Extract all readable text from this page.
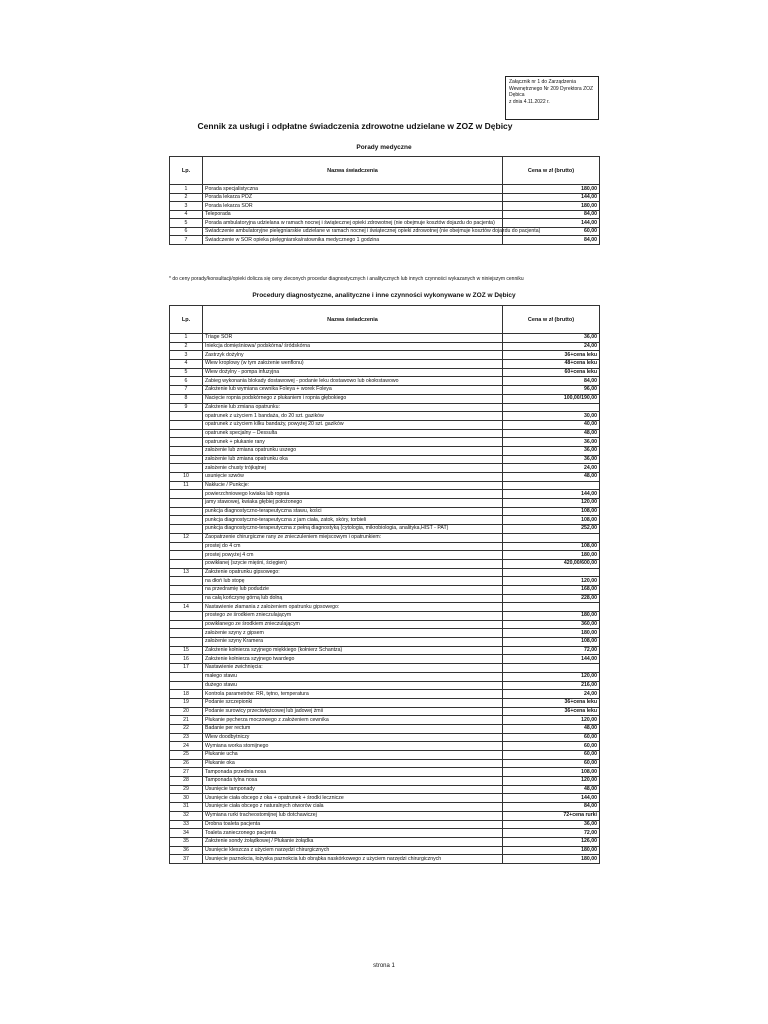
Załącznik nr 1 do Zarządzenia
Wewnętrznego Nr 209 Dyrektora ZOZ Dębica
z dnia 4.11.2022 r.
Cennik za usługi i odpłatne świadczenia zdrowotne udzielane w ZOZ w Dębicy
Porady medyczne
Lp.	Nazwa świadczenia	Cena w zł (brutto)
1	Porada specjalistyczna	180,00
2	Porada lekarza POZ	144,00
3	Porada lekarza SOR	180,00
4	Teleporada	84,00
5	Porada ambulatoryjna udzielana w ramach nocnej i świątecznej opieki zdrowotnej (nie obejmuje kosztów dojazdu do pacjenta)	144,00
6	Świadczenie ambulatoryjne pielęgniarskie udzielane w ramach nocnej i świątecznej opieki zdrowotnej (nie obejmuje kosztów dojazdu do pacjenta)	60,00
7	Świadczenie w SOR opieka pielęgniarska/ratownika medycznego 1 godzina	84,00
* do ceny porady/konsultacji/opieki dolicza się ceny zleconych procedur diagnostycznych i analitycznych lub innych czynności wykazanych w niniejszym cenniku
Procedury diagnostyczne, analityczne i inne czynności wykonywane w ZOZ w Dębicy
Lp.	Nazwa świadczenia	Cena w zł (brutto)
1	Triage SOR	36,00
2	Iniekcja domięśniowa/ podskórna/ śródskórna	24,00
3	Zastrzyk dożylny	36+cena leku
4	Wlew kroplowy (w tym założenie wenflonu)	48+cena leku
5	Wlew dożylny - pompa infuzyjna	60+cena leku
6	Zabieg wykonania blokady dostawowej - podanie leku dostawowo lub okołostawowo	84,00
7	Założenie lub wymiana cewnika Foleya + worek Foleya	96,00
8	Nacięcie ropnia podskórnego z płukaniem i ropnia głębokiego	100,00/190,00
9	Założenie lub zmiana opatrunku:	
	opatrunek z użyciem 1 bandaża, do 20 szt. gazików	30,00
	opatrunek z użyciem kilku bandaży, powyżej 20 szt. gazików	40,00
	opatrunek specjalny – Dessulta	48,00
	opatrunek + płukanie rany	36,00
	założenie lub zmiana opatrunku uszego	36,00
	założenie lub zmiana opatrunku oka	36,00
	założenie chusty trójkątnej	24,00
10	usunięcie szwów	48,00
11	Nakłucie / Punkcje:	
	powierzchniowego kwiaka lub ropnia	144,00
	jamy stawowej, kwiaka głębiej położonego	120,00
	punkcja diagnostyczno-terapeutyczna stawu, kości	108,00
	punkcja diagnostyczno-terapeutyczna z jam ciała, zatok, skóry, torbieli	108,00
	punkcja diagnostyczno-terapeutyczna z pełną diagnostyką (cytologia, mikrobiologia, analityka,HIST - PAT)	252,00
12	Zaopatrzenie chirurgiczne rany ze znieczuleniem miejscowym i opatrunkiem:	
	prostej do 4 cm	108,00
	prostej powyżej 4 cm	180,00
	powikłanej (szycie mięśni, ścięgien)	420,00/600,00
13	Założenie opatrunku gipsowego:	
	na dłoń lub stopę	120,00
	na przedramię lub podudzie	168,00
	na całą kończynę górną lub dolną	228,00
14	Nastawienie złamania z założeniem opatrunku gipsowego:	
	prostego ze środkiem znieczulającym	180,00
	powikłanego ze środkiem znieczulającym	360,00
	założenie szyny z gipsem	180,00
	założenie szyny Kramera	108,00
15	Założenie kołnierza szyjnego miękkiego (kołnierz Schantza)	72,00
16	Założenie kołnierza szyjnego twardego	144,00
17	Nastawienie zwichnięcia:	
	małego stawu	120,00
	dużego stawu	216,00
18	Kontrola parametrów: RR, tętno, temperatura	24,00
19	Podanie szczepionki	36+cena leku
20	Podanie surowicy przeciwtężcowej lub jadowej żmii	36+cena leku
21	Płukanie pęcherza moczowego z założeniem cewnika	120,00
22	Badanie per rectum	48,00
23	Wlew doodbytniczy	60,00
24	Wymiana worka stomijnego	60,00
25	Płukanie ucha	60,00
26	Płukanie oka	60,00
27	Tamponada przednia nosa	108,00
28	Tamponada tylna nosa	120,00
29	Usunięcie tamponady	48,00
30	Usunięcie ciała obcego z oka + opatrunek + środki lecznicze	144,00
31	Usunięcie ciała obcego z naturalnych otworów ciała	84,00
32	Wymiana rurki tracheostomijnej lub dotchawiczej	72+cena rurki
33	Drobna toaleta pacjenta	36,00
34	Toaleta zanieczonego pacjenta	72,00
35	Założenie sondy żołądkowej / Płukanie żołądka	126,00
36	Usunięcie kleszcza z użyciem narzędzi chirurgicznych	180,00
37	Usunięcie paznokcia, łożyska paznokcia lub obrąbka naskórkowego z użyciem narzędzi chirurgicznych	180,00
strona 1
